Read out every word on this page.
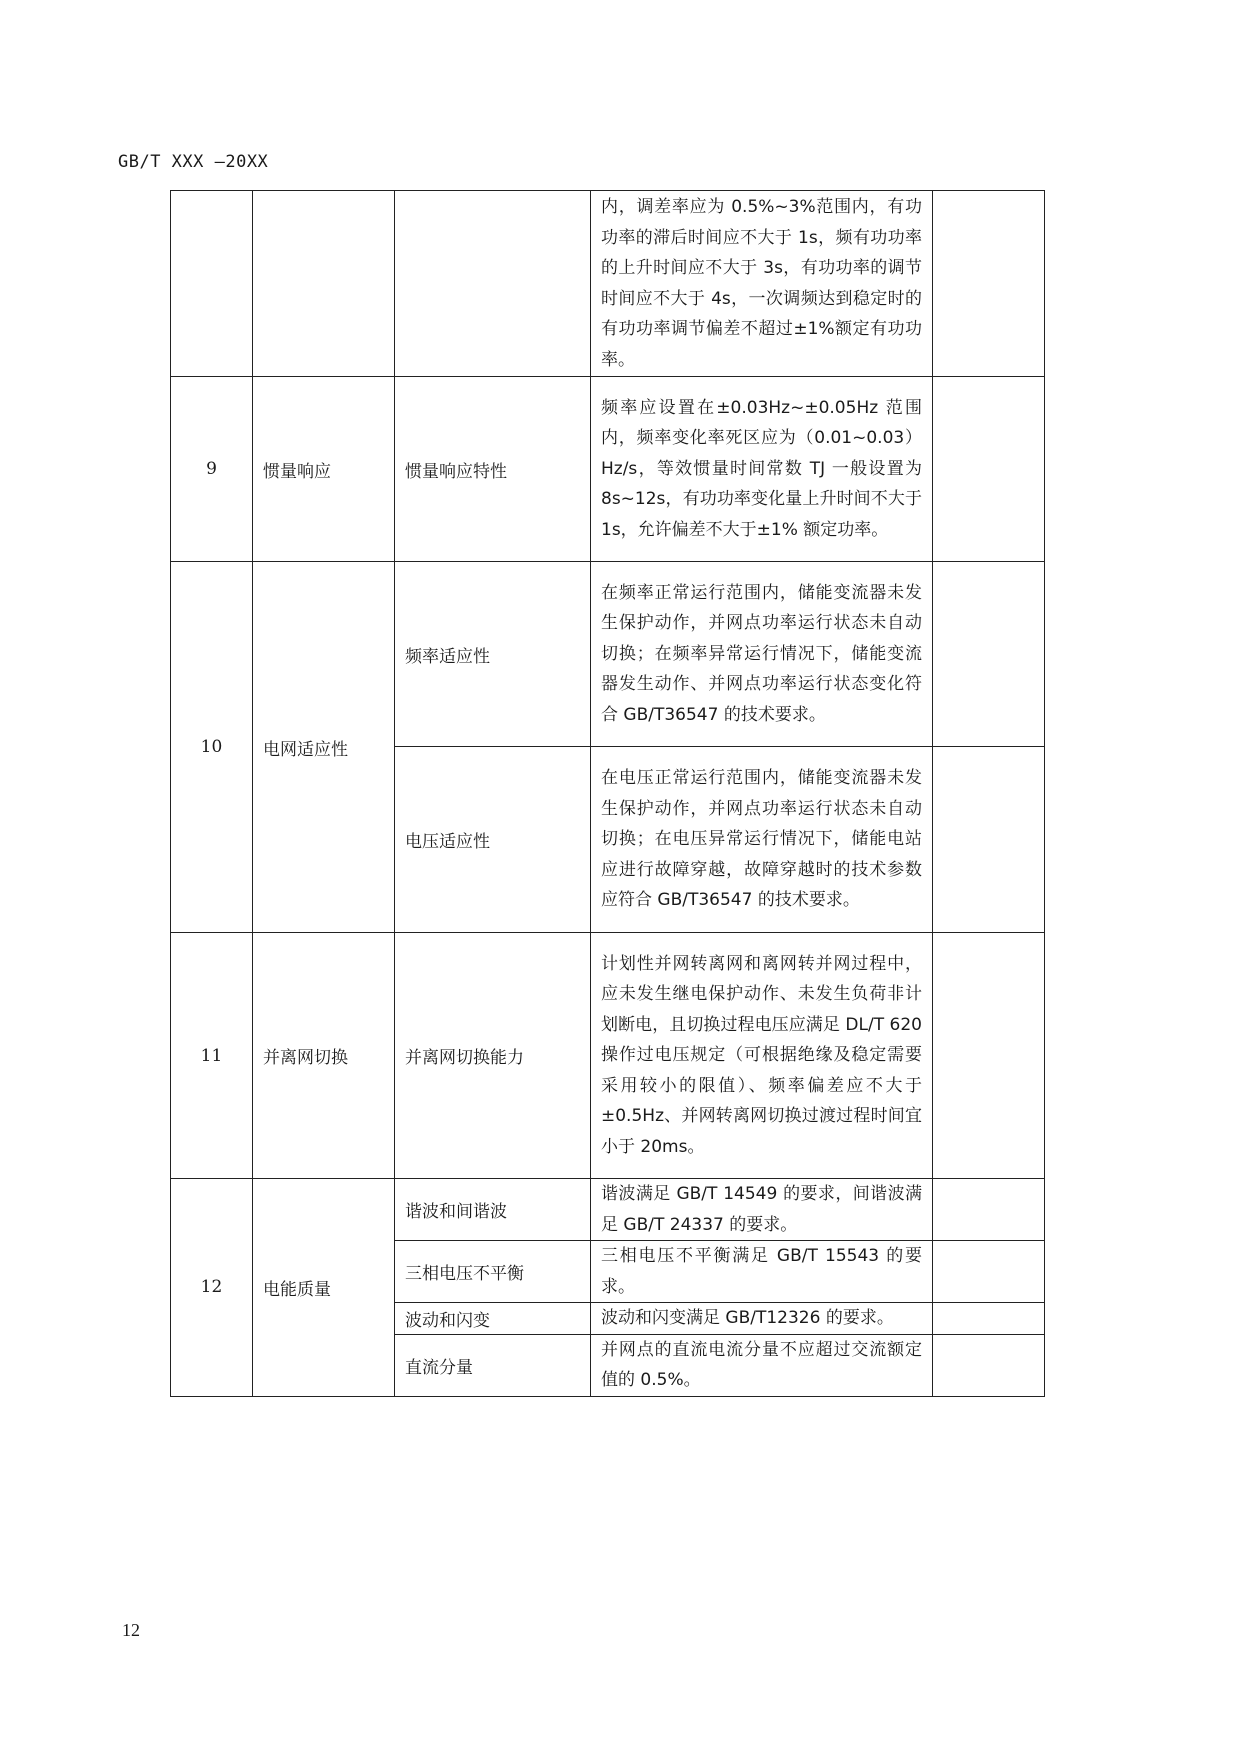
GB/T XXX —20XX
			内，调差率应为 0.5%~3%范围内，有功功率的滞后时间应不大于 1s，频有功功率的上升时间应不大于 3s，有功功率的调节时间应不大于 4s，一次调频达到稳定时的有功功率调节偏差不超过±1%额定有功功率。	
9	惯量响应	惯量响应特性	频率应设置在±0.03Hz~±0.05Hz 范围内，频率变化率死区应为（0.01~0.03）Hz/s，等效惯量时间常数 TJ 一般设置为 8s~12s，有功功率变化量上升时间不大于 1s，允许偏差不大于±1% 额定功率。	
10	电网适应性	频率适应性	在频率正常运行范围内，储能变流器未发生保护动作，并网点功率运行状态未自动切换；在频率异常运行情况下，储能变流器发生动作、并网点功率运行状态变化符合 GB/T36547 的技术要求。	
		电压适应性	在电压正常运行范围内，储能变流器未发生保护动作，并网点功率运行状态未自动切换；在电压异常运行情况下，储能电站应进行故障穿越，故障穿越时的技术参数应符合 GB/T36547 的技术要求。	
11	并离网切换	并离网切换能力	计划性并网转离网和离网转并网过程中，应未发生继电保护动作、未发生负荷非计划断电，且切换过程电压应满足 DL/T 620 操作过电压规定（可根据绝缘及稳定需要采用较小的限值）、频率偏差应不大于±0.5Hz、并网转离网切换过渡过程时间宜小于 20ms。	
12	电能质量	谐波和间谐波	谐波满足 GB/T 14549 的要求，间谐波满足 GB/T 24337 的要求。	
		三相电压不平衡	三相电压不平衡满足 GB/T 15543 的要求。	
		波动和闪变	波动和闪变满足 GB/T12326 的要求。	
		直流分量	并网点的直流电流分量不应超过交流额定值的 0.5%。	
12
